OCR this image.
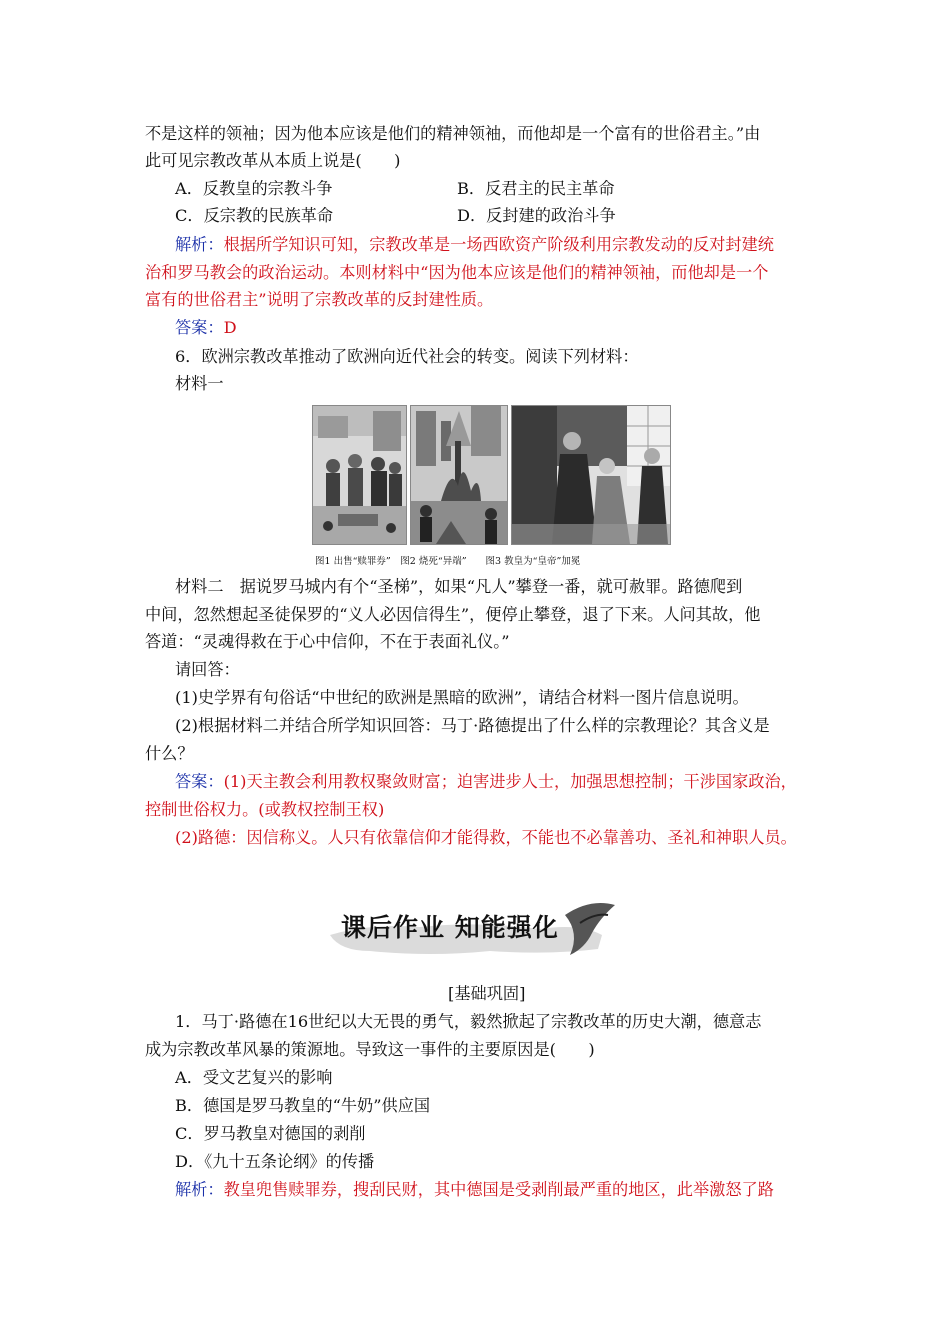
不是这样的领袖；因为他本应该是他们的精神领袖，而他却是一个富有的世俗君主。”由
此可见宗教改革从本质上说是(　　)
A．反教皇的宗教斗争	B．反君主的民主革命
C．反宗教的民族革命	D．反封建的政治斗争
解析：根据所学知识可知，宗教改革是一场西欧资产阶级利用宗教发动的反对封建统
治和罗马教会的政治运动。本则材料中“因为他本应该是他们的精神领袖，而他却是一个
富有的世俗君主”说明了宗教改革的反封建性质。
答案：D
6．欧洲宗教改革推动了欧洲向近代社会的转变。阅读下列材料：
材料一
图1 出售“赎罪券”　图2 烧死“异端”　　图3 教皇为“皇帝”加冕
材料二　据说罗马城内有个“圣梯”，如果“凡人”攀登一番，就可赦罪。路德爬到
中间，忽然想起圣徒保罗的“义人必因信得生”，便停止攀登，退了下来。人问其故，他
答道：“灵魂得救在于心中信仰，不在于表面礼仪。”
请回答：
(1)史学界有句俗话“中世纪的欧洲是黑暗的欧洲”，请结合材料一图片信息说明。
(2)根据材料二并结合所学知识回答：马丁·路德提出了什么样的宗教理论？其含义是
什么？
答案：(1)天主教会利用教权聚敛财富；迫害进步人士，加强思想控制；干涉国家政治，
控制世俗权力。(或教权控制王权)
(2)路德：因信称义。人只有依靠信仰才能得救，不能也不必靠善功、圣礼和神职人员。
课后作业 知能强化
[基础巩固]
1．马丁·路德在16世纪以大无畏的勇气，毅然掀起了宗教改革的历史大潮，德意志
成为宗教改革风暴的策源地。导致这一事件的主要原因是(　　)
A．受文艺复兴的影响
B．德国是罗马教皇的“牛奶”供应国
C．罗马教皇对德国的剥削
D．《九十五条论纲》的传播
解析：教皇兜售赎罪券，搜刮民财，其中德国是受剥削最严重的地区，此举激怒了路
